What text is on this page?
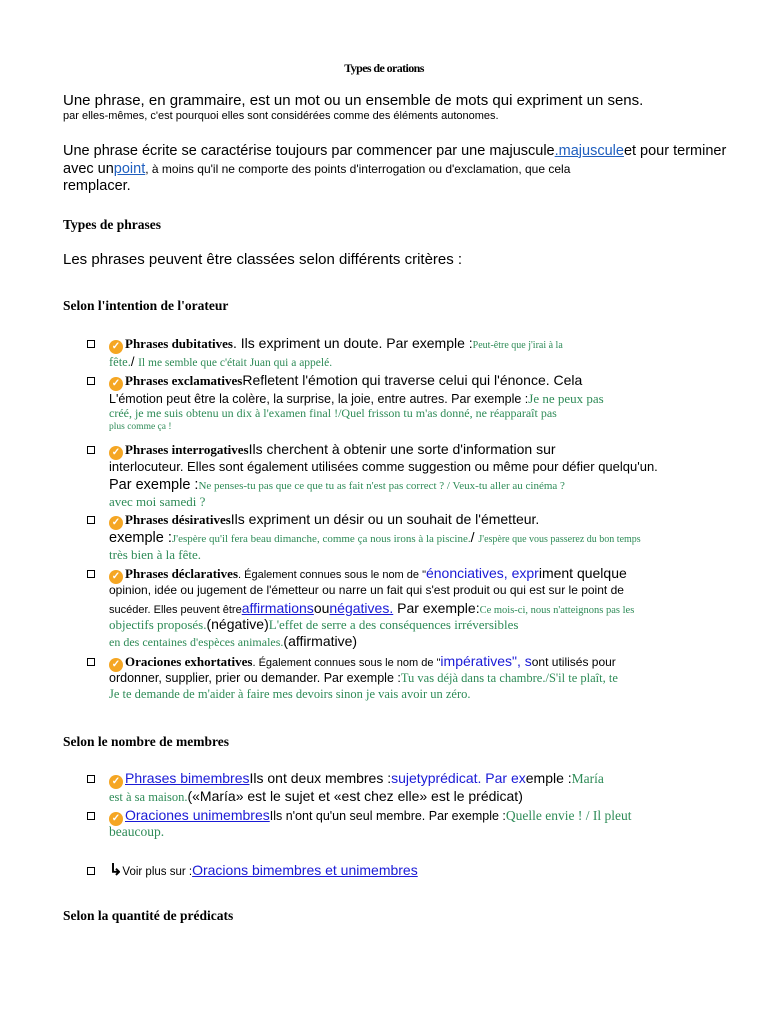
Types de orations
Une phrase, en grammaire, est un mot ou un ensemble de mots qui expriment un sens.
par elles-mêmes, c'est pourquoi elles sont considérées comme des éléments autonomes.
Une phrase écrite se caractérise toujours par commencer par une majuscule.majusculeet pour terminer
avec unpoint, à moins qu'il ne comporte des points d'interrogation ou d'exclamation, que cela
remplacer.
Types de phrases
Les phrases peuvent être classées selon différents critères :
Selon l'intention de l'orateur
✓ Phrases dubitatives. Ils expriment un doute. Par exemple :Peut-être que j'irai à la
fête./ Il me semble que c'était Juan qui a appelé.
✓ Phrases exclamativesRefletent l'émotion qui traverse celui qui l'énonce. Cela
L'émotion peut être la colère, la surprise, la joie, entre autres. Par exemple :Je ne peux pas
créé, je me suis obtenu un dix à l'examen final !/Quel frisson tu m'as donné, ne réapparaît pas
plus comme ça !
✓ Phrases interrogativesIls cherchent à obtenir une sorte d'information sur
interlocuteur. Elles sont également utilisées comme suggestion ou même pour défier quelqu'un.
Par exemple :Ne penses-tu pas que ce que tu as fait n'est pas correct ? / Veux-tu aller au cinéma ?
avec moi samedi ?
✓ Phrases désirativesIls expriment un désir ou un souhait de l'émetteur.
exemple :J'espère qu'il fera beau dimanche, comme ça nous irons à la piscine./ J'espère que vous passerez du bon temps
très bien à la fête.
✓ Phrases déclaratives. Également connues sous le nom de "énonciatives, expriment quelque
opinion, idée ou jugement de l'émetteur ou narre un fait qui s'est produit ou qui est sur le point de
sucéder. Elles peuvent êtreaffirmationsounégatives. Par exemple:Ce mois-ci, nous n'atteignons pas les
objectifs proposés.(négative)L'effet de serre a des conséquences irréversibles
en des centaines d'espèces animales.(affirmative)
✓ Oraciones exhortatives. Également connues sous le nom de "impératives", sont utilisés pour
ordonner, supplier, prier ou demander. Par exemple :Tu vas déjà dans ta chambre./S'il te plaît, te
Je te demande de m'aider à faire mes devoirs sinon je vais avoir un zéro.
Selon le nombre de membres
✓ Phrases bimembresIls ont deux membres :sujetyprédicat. Par exemple :María
est à sa maison.(«María» est le sujet et «est chez elle» est le prédicat)
✓ Oraciones unimembresIls n'ont qu'un seul membre. Par exemple :Quelle envie ! / Il pleut
beaucoup.
↳Voir plus sur :Oracions bimembres et unimembres
Selon la quantité de prédicats
